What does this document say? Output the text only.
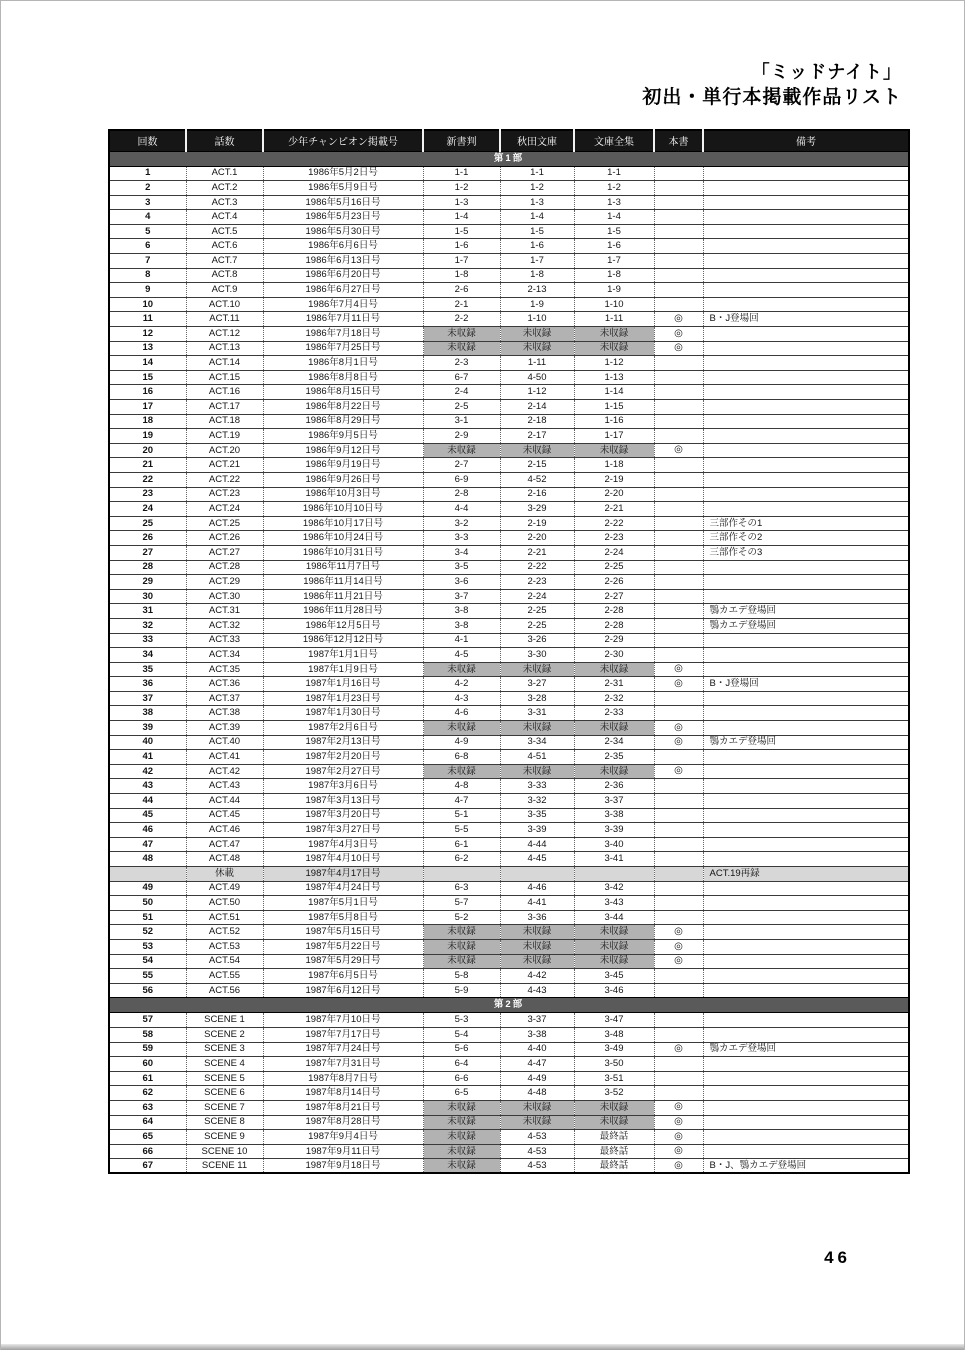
「ミッドナイト」
初出・単行本掲載作品リスト
回数	話数	少年チャンピオン掲載号	新書判	秋田文庫	文庫全集	本書	備考
第1部							
1	ACT.1	1986年5月2日号	1-1	1-1	1-1		
2	ACT.2	1986年5月9日号	1-2	1-2	1-2		
3	ACT.3	1986年5月16日号	1-3	1-3	1-3		
4	ACT.4	1986年5月23日号	1-4	1-4	1-4		
5	ACT.5	1986年5月30日号	1-5	1-5	1-5		
6	ACT.6	1986年6月6日号	1-6	1-6	1-6		
7	ACT.7	1986年6月13日号	1-7	1-7	1-7		
8	ACT.8	1986年6月20日号	1-8	1-8	1-8		
9	ACT.9	1986年6月27日号	2-6	2-13	1-9		
10	ACT.10	1986年7月4日号	2-1	1-9	1-10		
11	ACT.11	1986年7月11日号	2-2	1-10	1-11	◎	B・J登場回
12	ACT.12	1986年7月18日号	未収録	未収録	未収録	◎	
13	ACT.13	1986年7月25日号	未収録	未収録	未収録	◎	
14	ACT.14	1986年8月1日号	2-3	1-11	1-12		
15	ACT.15	1986年8月8日号	6-7	4-50	1-13		
16	ACT.16	1986年8月15日号	2-4	1-12	1-14		
17	ACT.17	1986年8月22日号	2-5	2-14	1-15		
18	ACT.18	1986年8月29日号	3-1	2-18	1-16		
19	ACT.19	1986年9月5日号	2-9	2-17	1-17		
20	ACT.20	1986年9月12日号	未収録	未収録	未収録	◎	
21	ACT.21	1986年9月19日号	2-7	2-15	1-18		
22	ACT.22	1986年9月26日号	6-9	4-52	2-19		
23	ACT.23	1986年10月3日号	2-8	2-16	2-20		
24	ACT.24	1986年10月10日号	4-4	3-29	2-21		
25	ACT.25	1986年10月17日号	3-2	2-19	2-22		三部作その1
26	ACT.26	1986年10月24日号	3-3	2-20	2-23		三部作その2
27	ACT.27	1986年10月31日号	3-4	2-21	2-24		三部作その3
28	ACT.28	1986年11月7日号	3-5	2-22	2-25		
29	ACT.29	1986年11月14日号	3-6	2-23	2-26		
30	ACT.30	1986年11月21日号	3-7	2-24	2-27		
31	ACT.31	1986年11月28日号	3-8	2-25	2-28		鶚カエデ登場回
32	ACT.32	1986年12月5日号	3-8	2-25	2-28		鶚カエデ登場回
33	ACT.33	1986年12月12日号	4-1	3-26	2-29		
34	ACT.34	1987年1月1日号	4-5	3-30	2-30		
35	ACT.35	1987年1月9日号	未収録	未収録	未収録	◎	
36	ACT.36	1987年1月16日号	4-2	3-27	2-31	◎	B・J登場回
37	ACT.37	1987年1月23日号	4-3	3-28	2-32		
38	ACT.38	1987年1月30日号	4-6	3-31	2-33		
39	ACT.39	1987年2月6日号	未収録	未収録	未収録	◎	
40	ACT.40	1987年2月13日号	4-9	3-34	2-34	◎	鶚カエデ登場回
41	ACT.41	1987年2月20日号	6-8	4-51	2-35		
42	ACT.42	1987年2月27日号	未収録	未収録	未収録	◎	
43	ACT.43	1987年3月6日号	4-8	3-33	2-36		
44	ACT.44	1987年3月13日号	4-7	3-32	3-37		
45	ACT.45	1987年3月20日号	5-1	3-35	3-38		
46	ACT.46	1987年3月27日号	5-5	3-39	3-39		
47	ACT.47	1987年4月3日号	6-1	4-44	3-40		
48	ACT.48	1987年4月10日号	6-2	4-45	3-41		
	休載	1987年4月17日号					ACT.19再録
49	ACT.49	1987年4月24日号	6-3	4-46	3-42		
50	ACT.50	1987年5月1日号	5-7	4-41	3-43		
51	ACT.51	1987年5月8日号	5-2	3-36	3-44		
52	ACT.52	1987年5月15日号	未収録	未収録	未収録	◎	
53	ACT.53	1987年5月22日号	未収録	未収録	未収録	◎	
54	ACT.54	1987年5月29日号	未収録	未収録	未収録	◎	
55	ACT.55	1987年6月5日号	5-8	4-42	3-45		
56	ACT.56	1987年6月12日号	5-9	4-43	3-46		
第2部							
57	SCENE 1	1987年7月10日号	5-3	3-37	3-47		
58	SCENE 2	1987年7月17日号	5-4	3-38	3-48		
59	SCENE 3	1987年7月24日号	5-6	4-40	3-49	◎	鶚カエデ登場回
60	SCENE 4	1987年7月31日号	6-4	4-47	3-50		
61	SCENE 5	1987年8月7日号	6-6	4-49	3-51		
62	SCENE 6	1987年8月14日号	6-5	4-48	3-52		
63	SCENE 7	1987年8月21日号	未収録	未収録	未収録	◎	
64	SCENE 8	1987年8月28日号	未収録	未収録	未収録	◎	
65	SCENE 9	1987年9月4日号	未収録	4-53	最終話	◎	
66	SCENE 10	1987年9月11日号	未収録	4-53	最終話	◎	
67	SCENE 11	1987年9月18日号	未収録	4-53	最終話	◎	B・J、鶚カエデ登場回
46
